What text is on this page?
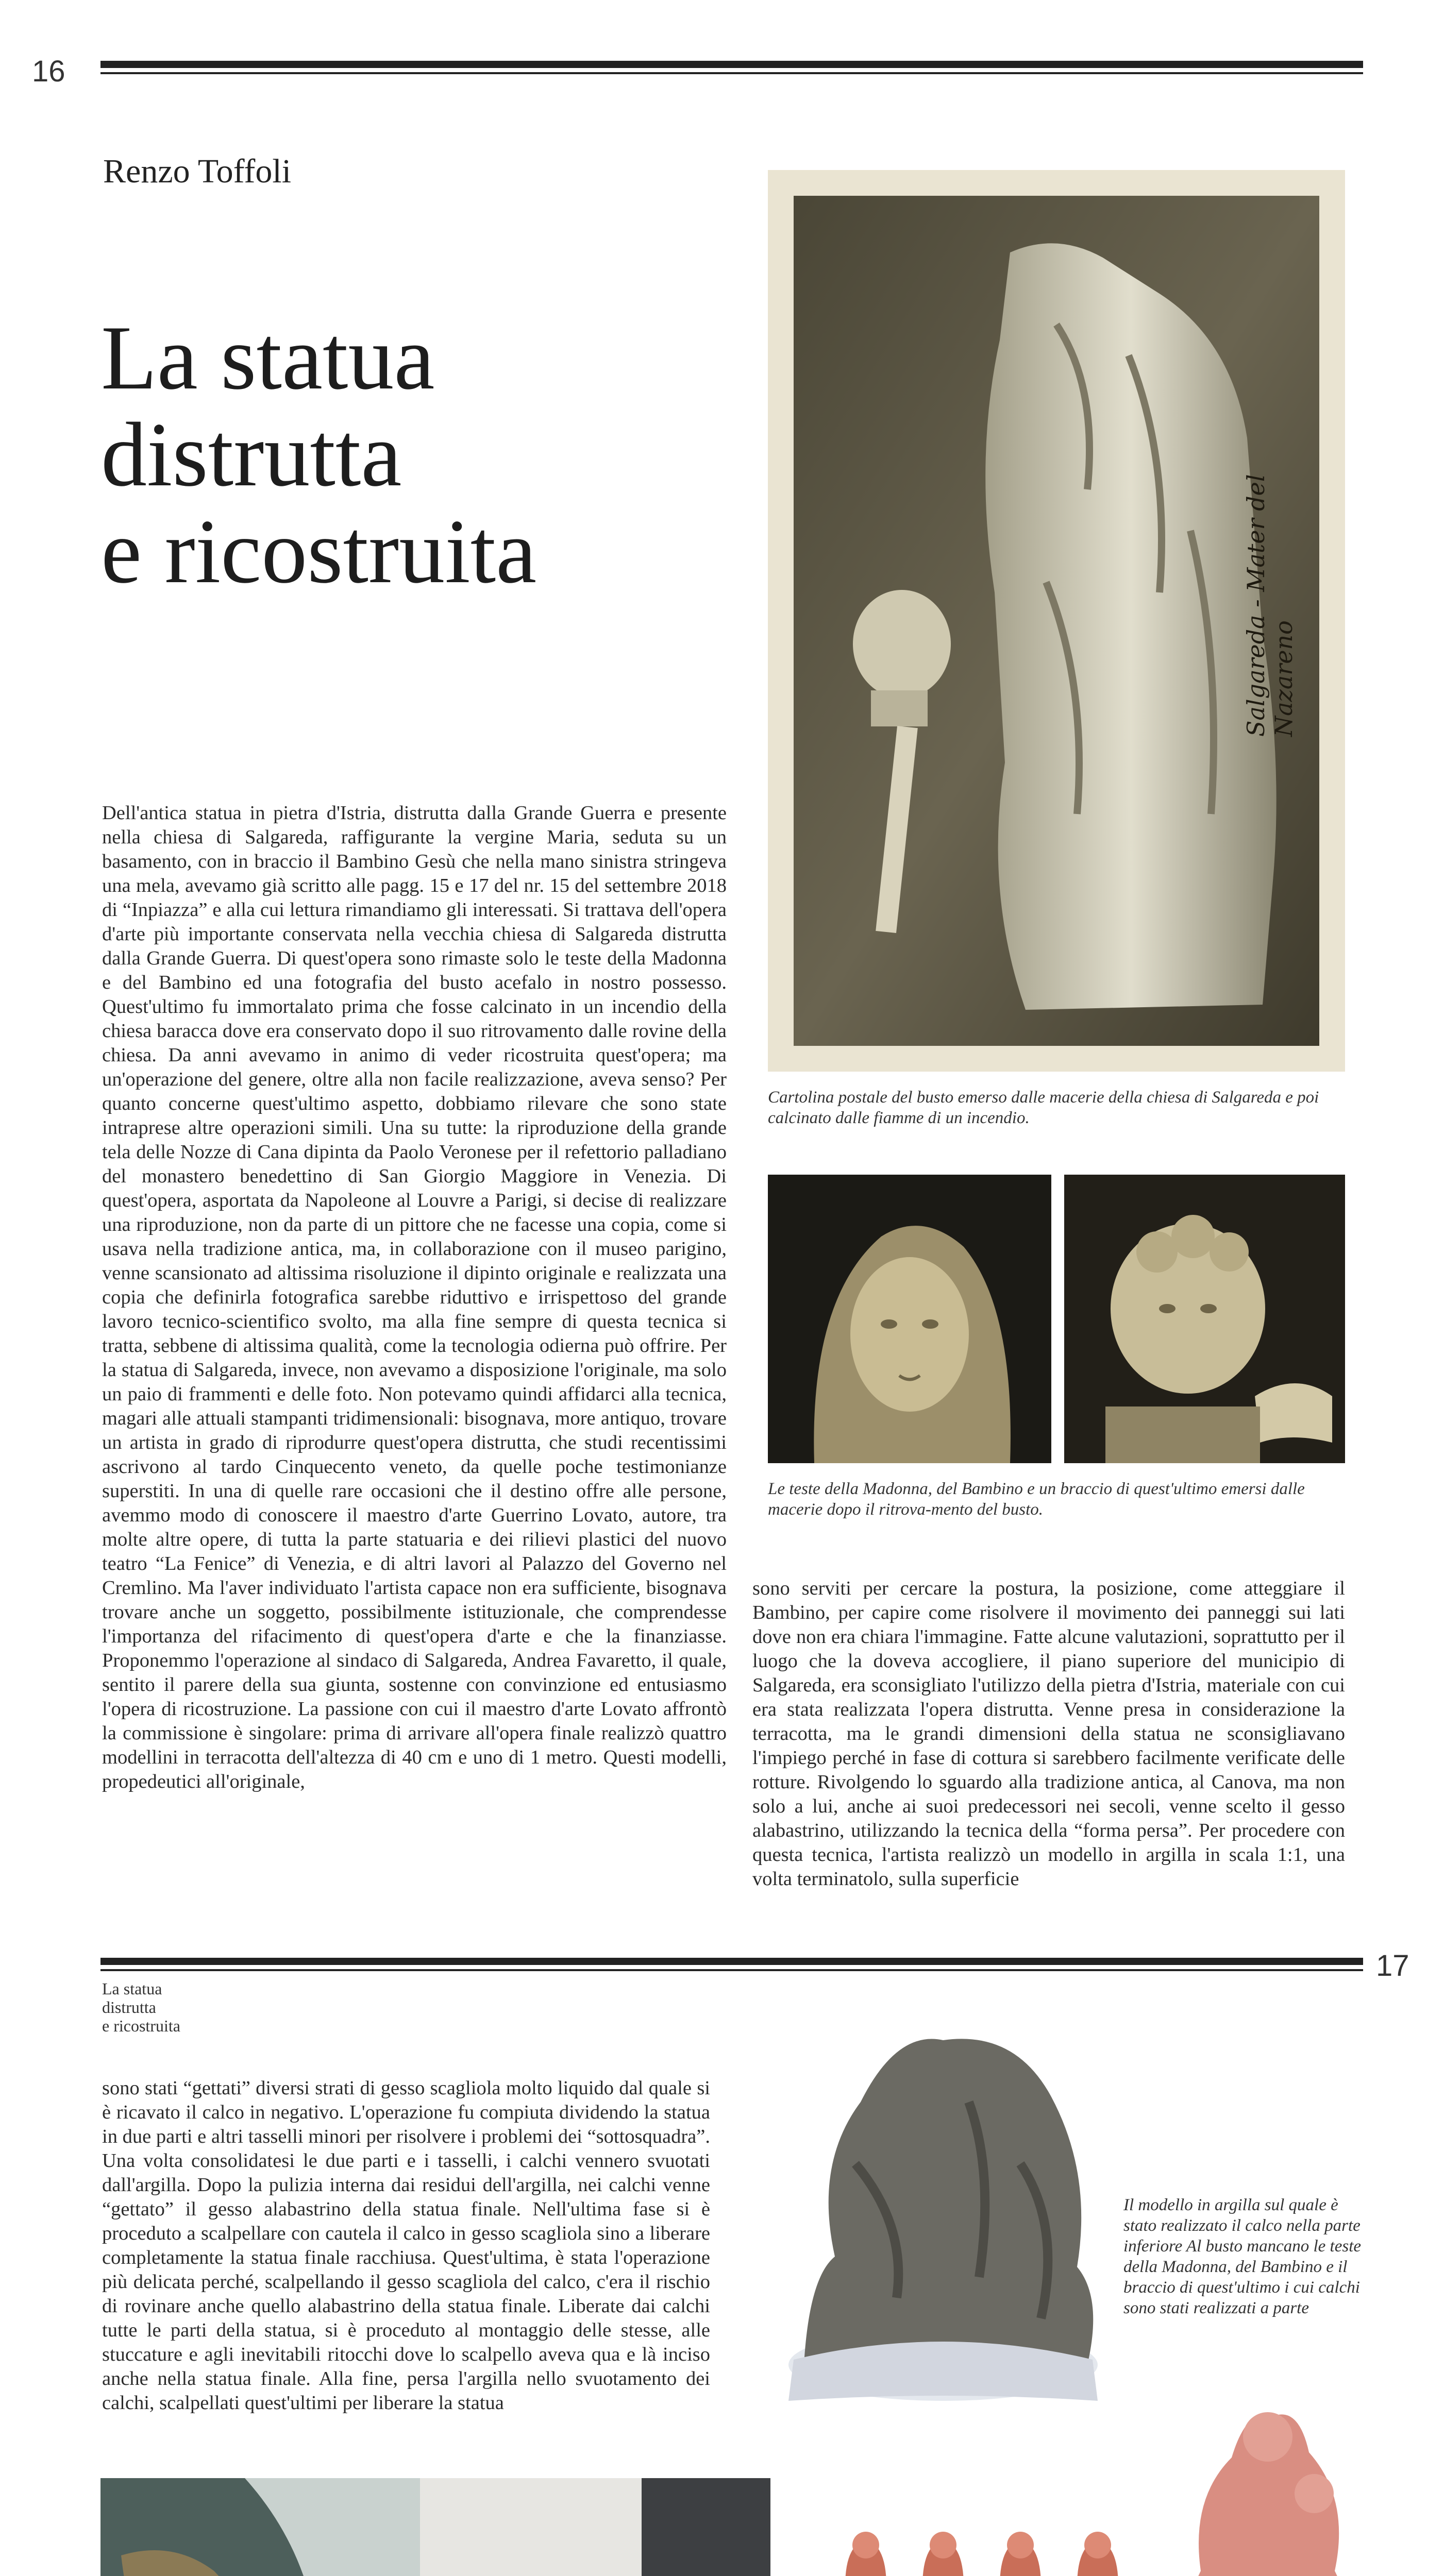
16
Renzo Toffoli
La statua
distrutta
e ricostruita	Salgareda - Mater del Nazareno
Cartolina postale del busto emerso dalle macerie della chiesa di Salgareda e poi calcinato dalle fiamme di un incendio.
Le teste della Madonna, del Bambino e un braccio di quest'ultimo emersi dalle macerie dopo il ritrova-mento del busto.
Dell'antica statua in pietra d'Istria, distrutta dalla Grande Guerra e presente nella chiesa di Salgareda, raffigurante la vergine Maria, seduta su un basamento, con in braccio il Bambino Gesù che nella mano sinistra stringeva una mela, avevamo già scritto alle pagg. 15 e 17 del nr. 15 del settembre 2018 di “Inpiazza” e alla cui lettura rimandiamo gli interessati. Si trattava dell'opera d'arte più importante conservata nella vecchia chiesa di Salgareda distrutta dalla Grande Guerra. Di quest'opera sono rimaste solo le teste della Madonna e del Bambino ed una fotografia del busto acefalo in nostro possesso. Quest'ultimo fu immortalato prima che fosse calcinato in un incendio della chiesa baracca dove era conservato dopo il suo ritrovamento dalle rovine della chiesa. Da anni avevamo in animo di veder ricostruita quest'opera; ma un'operazione del genere, oltre alla non facile realizzazione, aveva senso? Per quanto concerne quest'ultimo aspetto, dobbiamo rilevare che sono state intraprese altre operazioni simili. Una su tutte: la riproduzione della grande tela delle Nozze di Cana dipinta da Paolo Veronese per il refettorio palladiano del monastero benedettino di San Giorgio Maggiore in Venezia. Di quest'opera, asportata da Napoleone al Louvre a Parigi, si decise di realizzare una riproduzione, non da parte di un pittore che ne facesse una copia, come si usava nella tradizione antica, ma, in collaborazione con il museo parigino, venne scansionato ad altissima risoluzione il dipinto originale e realizzata una copia che definirla fotografica sarebbe riduttivo e irrispettoso del grande lavoro tecnico-scientifico svolto, ma alla fine sempre di questa tecnica si tratta, sebbene di altissima qualità, come la tecnologia odierna può offrire. Per la statua di Salgareda, invece, non avevamo a disposizione l'originale, ma solo un paio di frammenti e delle foto. Non potevamo quindi affidarci alla tecnica, magari alle attuali stampanti tridimensionali: bisognava, more antiquo, trovare un artista in grado di riprodurre quest'opera distrutta, che studi recentissimi ascrivono al tardo Cinquecento veneto, da quelle poche testimonianze superstiti. In una di quelle rare occasioni che il destino offre alle persone, avemmo modo di conoscere il maestro d'arte Guerrino Lovato, autore, tra molte altre opere, di tutta la parte statuaria e dei rilievi plastici del nuovo teatro “La Fenice” di Venezia, e di altri lavori al Palazzo del Governo nel Cremlino. Ma l'aver individuato l'artista capace non era sufficiente, bisognava trovare anche un soggetto, possibilmente istituzionale, che comprendesse l'importanza del rifacimento di quest'opera d'arte e che la finanziasse. Proponemmo l'operazione al sindaco di Salgareda, Andrea Favaretto, il quale, sentito il parere della sua giunta, sostenne con convinzione ed entusiasmo l'opera di ricostruzione. La passione con cui il maestro d'arte Lovato affrontò la commissione è singolare: prima di arrivare all'opera finale realizzò quattro modellini in terracotta dell'altezza di 40 cm e uno di 1 metro. Questi modelli, propedeutici all'originale,
sono serviti per cercare la postura, la posizione, come atteggiare il Bambino, per capire come risolvere il movimento dei panneggi sui lati dove non era chiara l'immagine. Fatte alcune valutazioni, soprattutto per il luogo che la doveva accogliere, il piano superiore del municipio di Salgareda, era sconsigliato l'utilizzo della pietra d'Istria, materiale con cui era stata realizzata l'opera distrutta. Venne presa in considerazione la terracotta, ma le grandi dimensioni della statua ne sconsigliavano l'impiego perché in fase di cottura si sarebbero facilmente verificate delle rotture. Rivolgendo lo sguardo alla tradizione antica, al Canova, ma non solo a lui, anche ai suoi predecessori nei secoli, venne scelto il gesso alabastrino, utilizzando la tecnica della “forma persa”. Per procedere con questa tecnica, l'artista realizzò un modello in argilla in scala 1:1, una volta terminatolo, sulla superficie
17
La statua
distrutta
e ricostruita
sono stati “gettati” diversi strati di gesso scagliola molto liquido dal quale si è ricavato il calco in negativo. L'operazione fu compiuta dividendo la statua in due parti e altri tasselli minori per risolvere i problemi dei “sottosquadra”. Una volta consolidatesi le due parti e i tasselli, i calchi vennero svuotati dall'argilla. Dopo la pulizia interna dai residui dell'argilla, nei calchi venne “gettato” il gesso alabastrino della statua finale. Nell'ultima fase si è proceduto a scalpellare con cautela il calco in gesso scagliola sino a liberare completamente la statua finale racchiusa. Quest'ultima, è stata l'operazione più delicata perché, scalpellando il gesso scagliola del calco, c'era il rischio di rovinare anche quello alabastrino della statua finale. Liberate dai calchi tutte le parti della statua, si è proceduto al montaggio delle stesse, alle stuccature e agli inevitabili ritocchi dove lo scalpello aveva qua e là inciso anche nella statua finale. Alla fine, persa l'argilla nello svuotamento dei calchi, scalpellati quest'ultimi per liberare la statua
Il modello in argilla sul quale è stato realizzato il calco nella parte inferiore Al busto mancano le teste della Madonna, del Bambino e il braccio di quest'ultimo i cui calchi sono stati realizzati a parte
